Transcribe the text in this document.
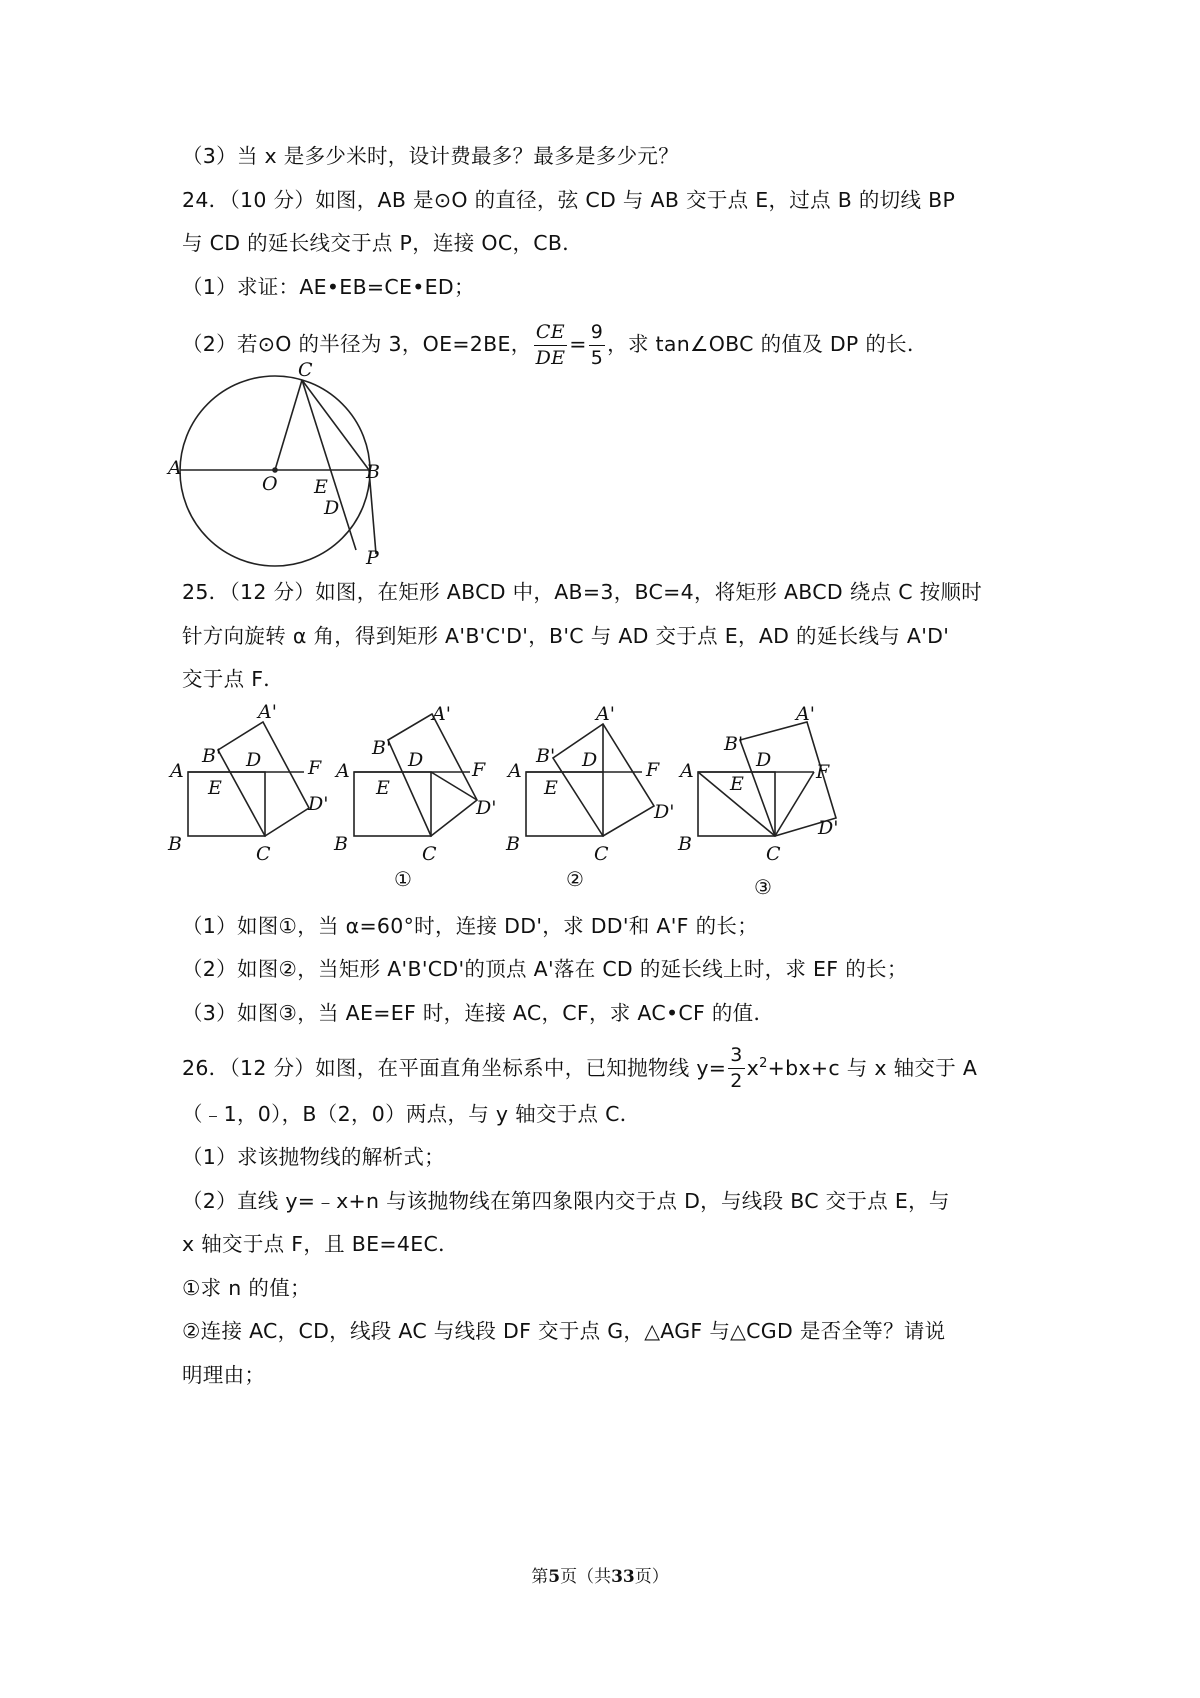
（3）当 x 是多少米时，设计费最多？最多是多少元？
24．（10 分）如图，AB 是⊙O 的直径，弦 CD 与 AB 交于点 E，过点 B 的切线 BP
与 CD 的延长线交于点 P，连接 OC，CB．
（1）求证：AE•EB=CE•ED；
（2）若⊙O 的半径为 3，OE=2BE， $\frac{CE}{DE} = \frac{9}{5}$ ，求 tan∠OBC 的值及 DP 的长．
A
O
C
E
B
D
P
25．（12 分）如图，在矩形 ABCD 中，AB=3，BC=4，将矩形 ABCD 绕点 C 按顺时
针方向旋转 α 角，得到矩形 A'B'C'D'，B'C 与 AD 交于点 E，AD 的延长线与 A'D'
交于点 F．
A
B	C
D
E
F
A'
B'
D'
A
B	C
D
E
F
A'
B'
D'
①
A
B	C
D
E
F
A'
B'
D'
②
A
B	C
D
E
F
A'
B'
D'
③
（1）如图①，当 α=60°时，连接 DD'，求 DD'和 A'F 的长；
（2）如图②，当矩形 A'B'CD'的顶点 A'落在 CD 的延长线上时，求 EF 的长；
（3）如图③，当 AE=EF 时，连接 AC，CF，求 AC•CF 的值．
26．（12 分）如图，在平面直角坐标系中，已知抛物线 $y= \frac{3}{2} x^2+bx+c$ 与 x 轴交于 A
（﹣1，0），B（2，0）两点，与 y 轴交于点 C．
（1）求该抛物线的解析式；
（2）直线 y=﹣x+n 与该抛物线在第四象限内交于点 D，与线段 BC 交于点 E，与
x 轴交于点 F，且 BE=4EC．
①求 n 的值；
②连接 AC，CD，线段 AC 与线段 DF 交于点 G，△AGF 与△CGD 是否全等？请说
明理由；
第5页（共33页）
